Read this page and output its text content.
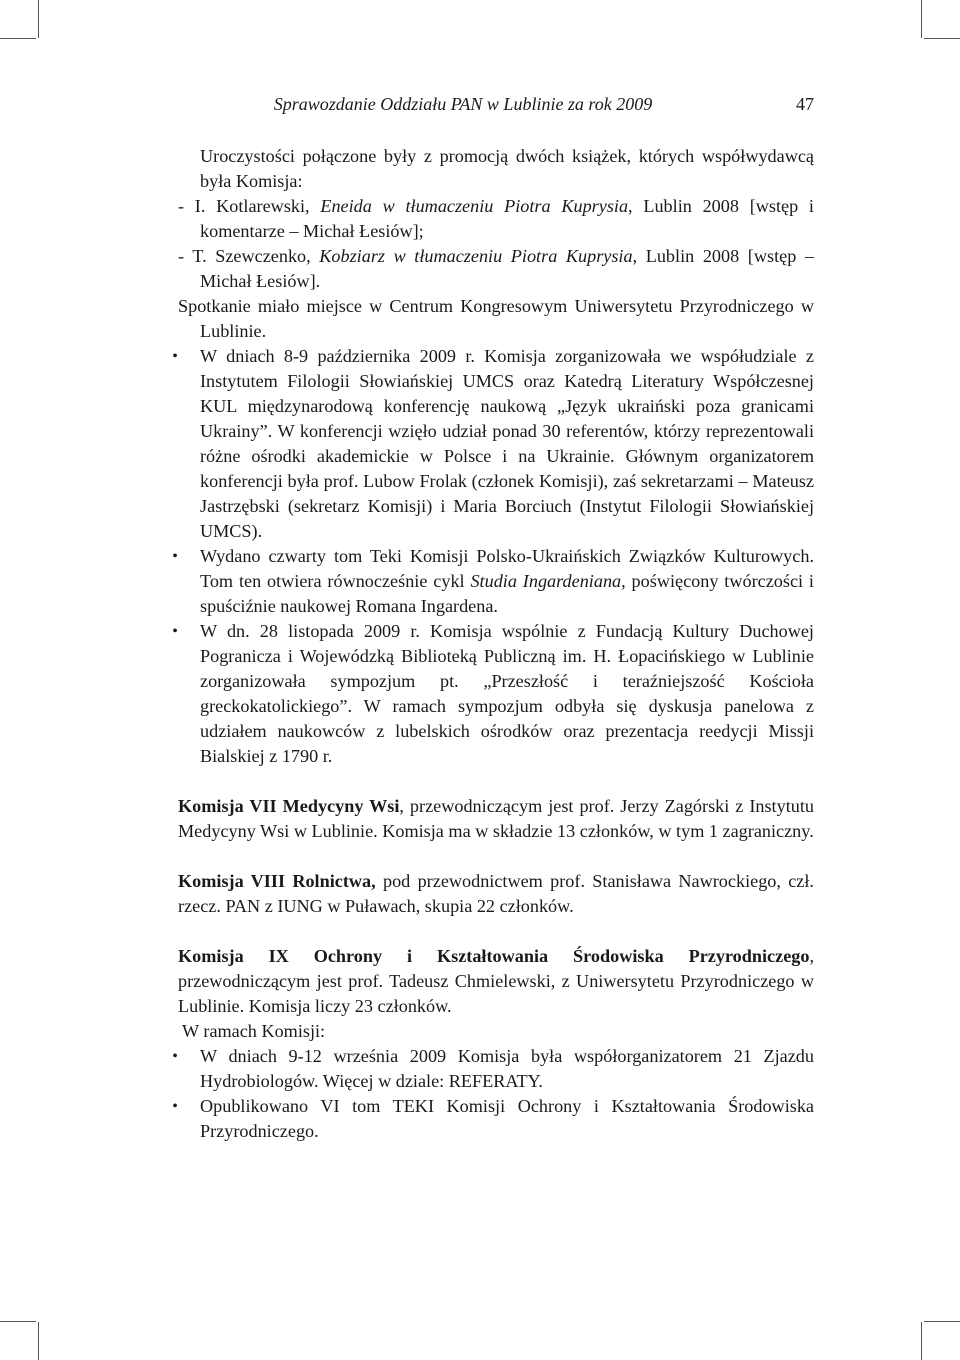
Sprawozdanie Oddziału PAN w Lublinie za rok 2009	47

Uroczystości połączone były z promocją dwóch książek, których współwydawcą była Komisja:

- I. Kotlarewski, Eneida w tłumaczeniu Piotra Kuprysia, Lublin 2008 [wstęp i komentarze – Michał Łesiów];

- T. Szewczenko, Kobziarz w tłumaczeniu Piotra Kuprysia, Lublin 2008 [wstęp – Michał Łesiów].

Spotkanie miało miejsce w Centrum Kongresowym Uniwersytetu Przyrodniczego w Lublinie.

• W dniach 8-9 października 2009 r. Komisja zorganizowała we współudziale z Instytutem Filologii Słowiańskiej UMCS oraz Katedrą Literatury Współczesnej KUL międzynarodową konferencję naukową „Język ukraiński poza granicami Ukrainy”. W konferencji wzięło udział ponad 30 referentów, którzy reprezentowali różne ośrodki akademickie w Polsce i na Ukrainie. Głównym organizatorem konferencji była prof. Lubow Frolak (członek Komisji), zaś sekretarzami – Mateusz Jastrzębski (sekretarz Komisji) i Maria Borciuch (Instytut Filologii Słowiańskiej UMCS).

• Wydano czwarty tom Teki Komisji Polsko-Ukraińskich Związków Kulturowych. Tom ten otwiera równocześnie cykl Studia Ingardeniana, poświęcony twórczości i spuściźnie naukowej Romana Ingardena.

• W dn. 28 listopada 2009 r. Komisja wspólnie z Fundacją Kultury Duchowej Pogranicza i Wojewódzką Biblioteką Publiczną im. H. Łopacińskiego w Lublinie zorganizowała sympozjum pt. „Przeszłość i teraźniejszość Kościoła greckokatolickiego”. W ramach sympozjum odbyła się dyskusja panelowa z udziałem naukowców z lubelskich ośrodków oraz prezentacja reedycji Missji Bialskiej z 1790 r.

Komisja VII Medycyny Wsi, przewodniczącym jest prof. Jerzy Zagórski z Instytutu Medycyny Wsi w Lublinie. Komisja ma w składzie 13 członków, w tym 1 zagraniczny.

Komisja VIII Rolnictwa, pod przewodnictwem prof. Stanisława Nawrockiego, czł. rzecz. PAN z IUNG w Puławach, skupia 22 członków.

Komisja IX Ochrony i Kształtowania Środowiska Przyrodniczego, przewodniczącym jest prof. Tadeusz Chmielewski, z Uniwersytetu Przyrodniczego w Lublinie. Komisja liczy 23 członków.

W ramach Komisji:

• W dniach 9-12 września 2009 Komisja była współorganizatorem 21 Zjazdu Hydrobiologów. Więcej w dziale: REFERATY.

• Opublikowano VI tom TEKI Komisji Ochrony i Kształtowania Środowiska Przyrodniczego.
